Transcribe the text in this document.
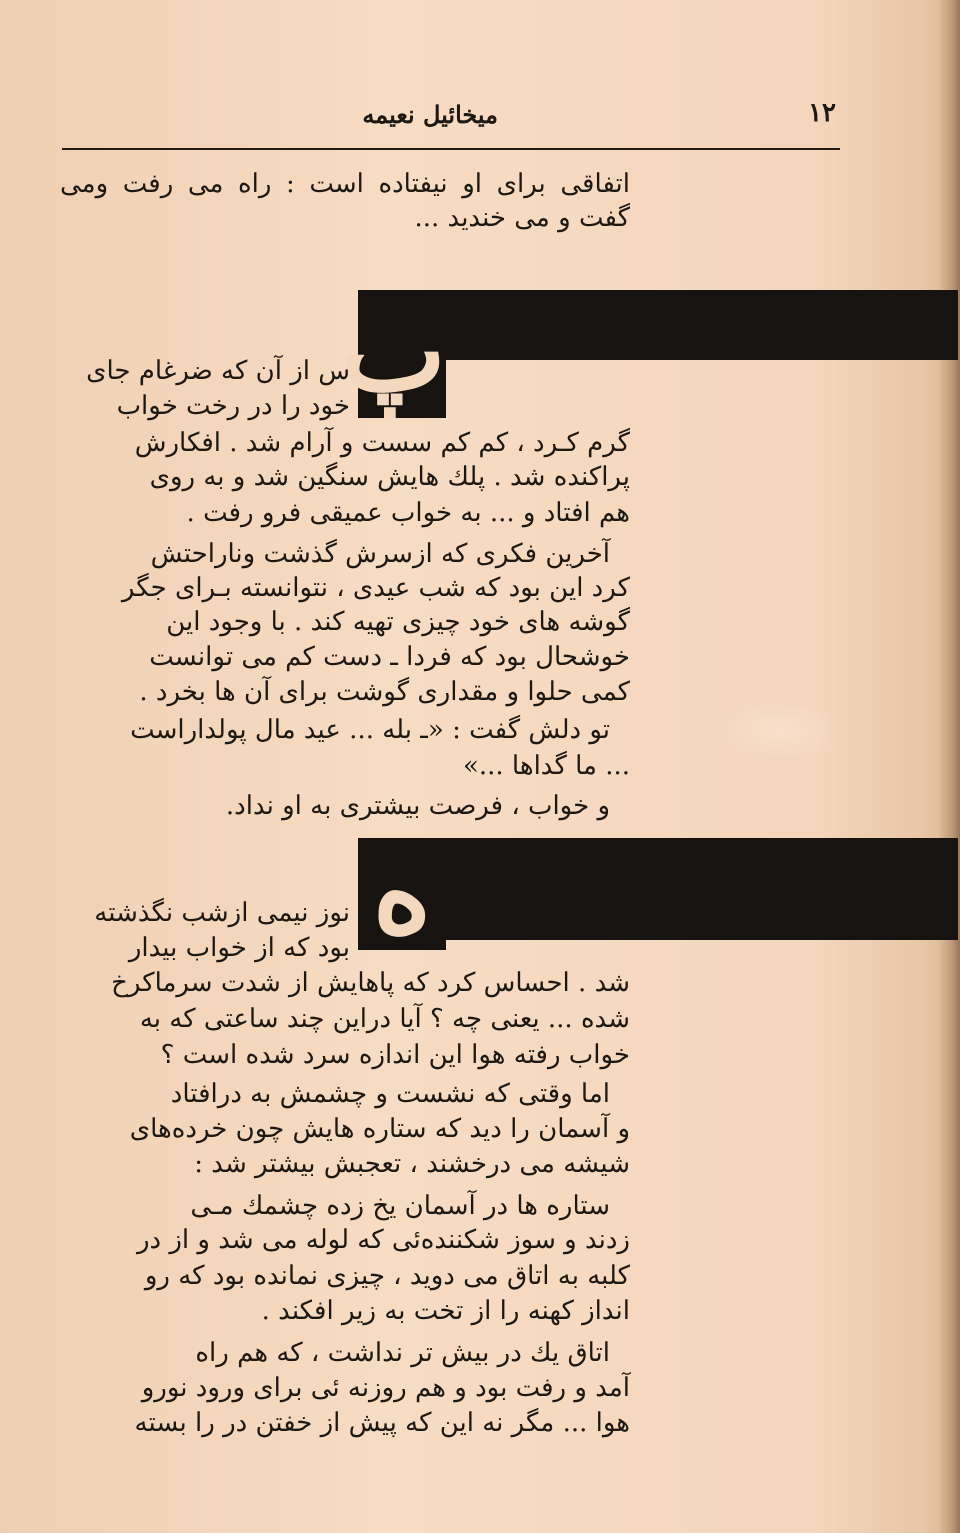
۱۲
میخائیل نعیمه
اتفاقی برای او نیفتاده است : راه می رفت ومی
گفت و می خندید ...
پ
س از آن که ضرغام جای
خود را در رخت خواب
گرم کـرد ، کم کم سست و آرام شد . افکارش
پراکنده شد . پلك هایش سنگین شد و به روی
هم افتاد و ... به خواب عمیقی فرو رفت .
آخرین فکری که ازسرش گذشت وناراحتش
کرد این بود که شب عیدی ، نتوانسته بـرای جگر
گوشه های خود چیزی تهیه کند . با وجود این
خوشحال بود که فردا ـ دست کم می توانست
کمی حلوا و مقداری گوشت برای آن ها بخرد .
تو دلش گفت : «ـ بله ... عید مال پولداراست
... ما گداها ...»
و خواب ، فرصت بیشتری به او نداد.
ه
نوز نیمی ازشب نگذشته
بود که از خواب بیدار
شد . احساس کرد که پاهایش از شدت سرماکرخ
شده ... یعنی چه ؟ آیا دراین چند ساعتی که به
خواب رفته هوا این اندازه سرد شده است ؟
اما وقتی که نشست و چشمش به درافتاد
و آسمان را دید که ستاره هایش چون خرده‌های
شیشه می درخشند ، تعجبش بیشتر شد :
ستاره ها در آسمان یخ زده چشمك مـی
زدند و سوز شکننده‌ئی که لوله می شد و از در
کلبه به اتاق می دوید ، چیزی نمانده بود که رو
انداز کهنه را از تخت به زیر افکند .
اتاق یك در بیش تر نداشت ، که هم راه
آمد و رفت بود و هم روزنه ئی برای ورود نورو
هوا ... مگر نه این که پیش از خفتن در را بسته
